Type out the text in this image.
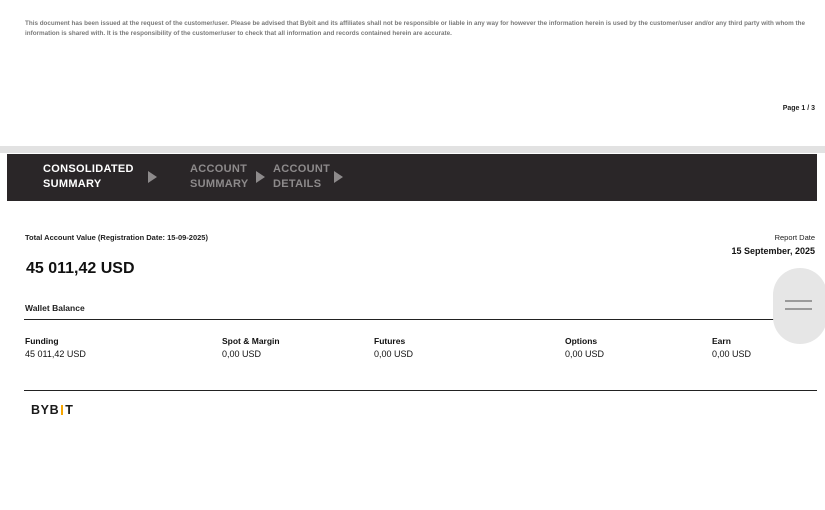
This document has been issued at the request of the customer/user. Please be advised that Bybit and its affiliates shall not be responsible or liable in any way for however the information herein is used by the customer/user and/or any third party with whom the information is shared with. It is the responsibility of the customer/user to check that all information and records contained herein are accurate.
Page 1 / 3
CONSOLIDATED SUMMARY
ACCOUNT SUMMARY
ACCOUNT DETAILS
Total Account Value (Registration Date: 15-09-2025)
45 011,42 USD
Report Date
15 September, 2025
Wallet Balance
Funding
45 011,42 USD
Spot & Margin
0,00 USD
Futures
0,00 USD
Options
0,00 USD
Earn
0,00 USD
BYB T
